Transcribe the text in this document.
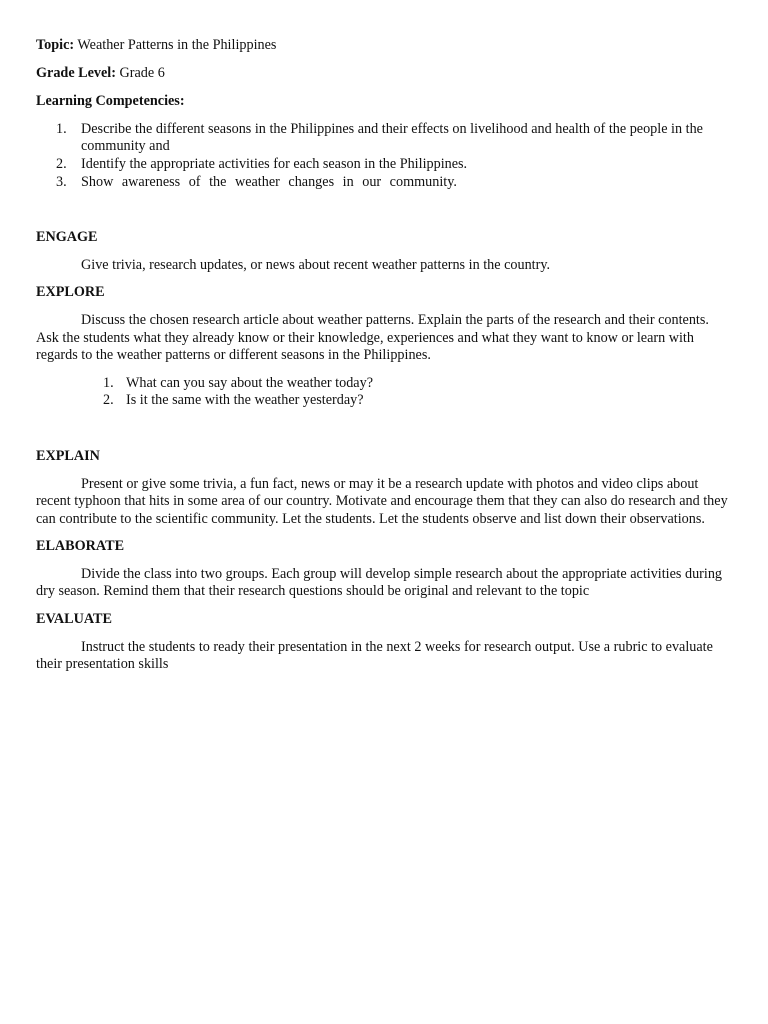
Topic: Weather Patterns in the Philippines

Grade Level: Grade 6

Learning Competencies:

1.	Describe the different seasons in the Philippines and their effects on livelihood and health of the people in the community and
2.	Identify the appropriate activities for each season in the Philippines.
3.	Show awareness of the weather changes in our community.

ENGAGE

Give trivia, research updates, or news about recent weather patterns in the country.

EXPLORE

Discuss the chosen research article about weather patterns. Explain the parts of the research and their contents. Ask the students what they already know or their knowledge, experiences and what they want to know or learn with regards to the weather patterns or different seasons in the Philippines.

1. What can you say about the weather today?
2. Is it the same with the weather yesterday?

EXPLAIN

Present or give some trivia, a fun fact, news or may it be a research update with photos and video clips about recent typhoon that hits in some area of our country. Motivate and encourage them that they can also do research and they can contribute to the scientific community. Let the students. Let the students observe and list down their observations.

ELABORATE

Divide the class into two groups. Each group will develop simple research about the appropriate activities during dry season. Remind them that their research questions should be original and relevant to the topic

EVALUATE

Instruct the students to ready their presentation in the next 2 weeks for research output. Use a rubric to evaluate their presentation skills
